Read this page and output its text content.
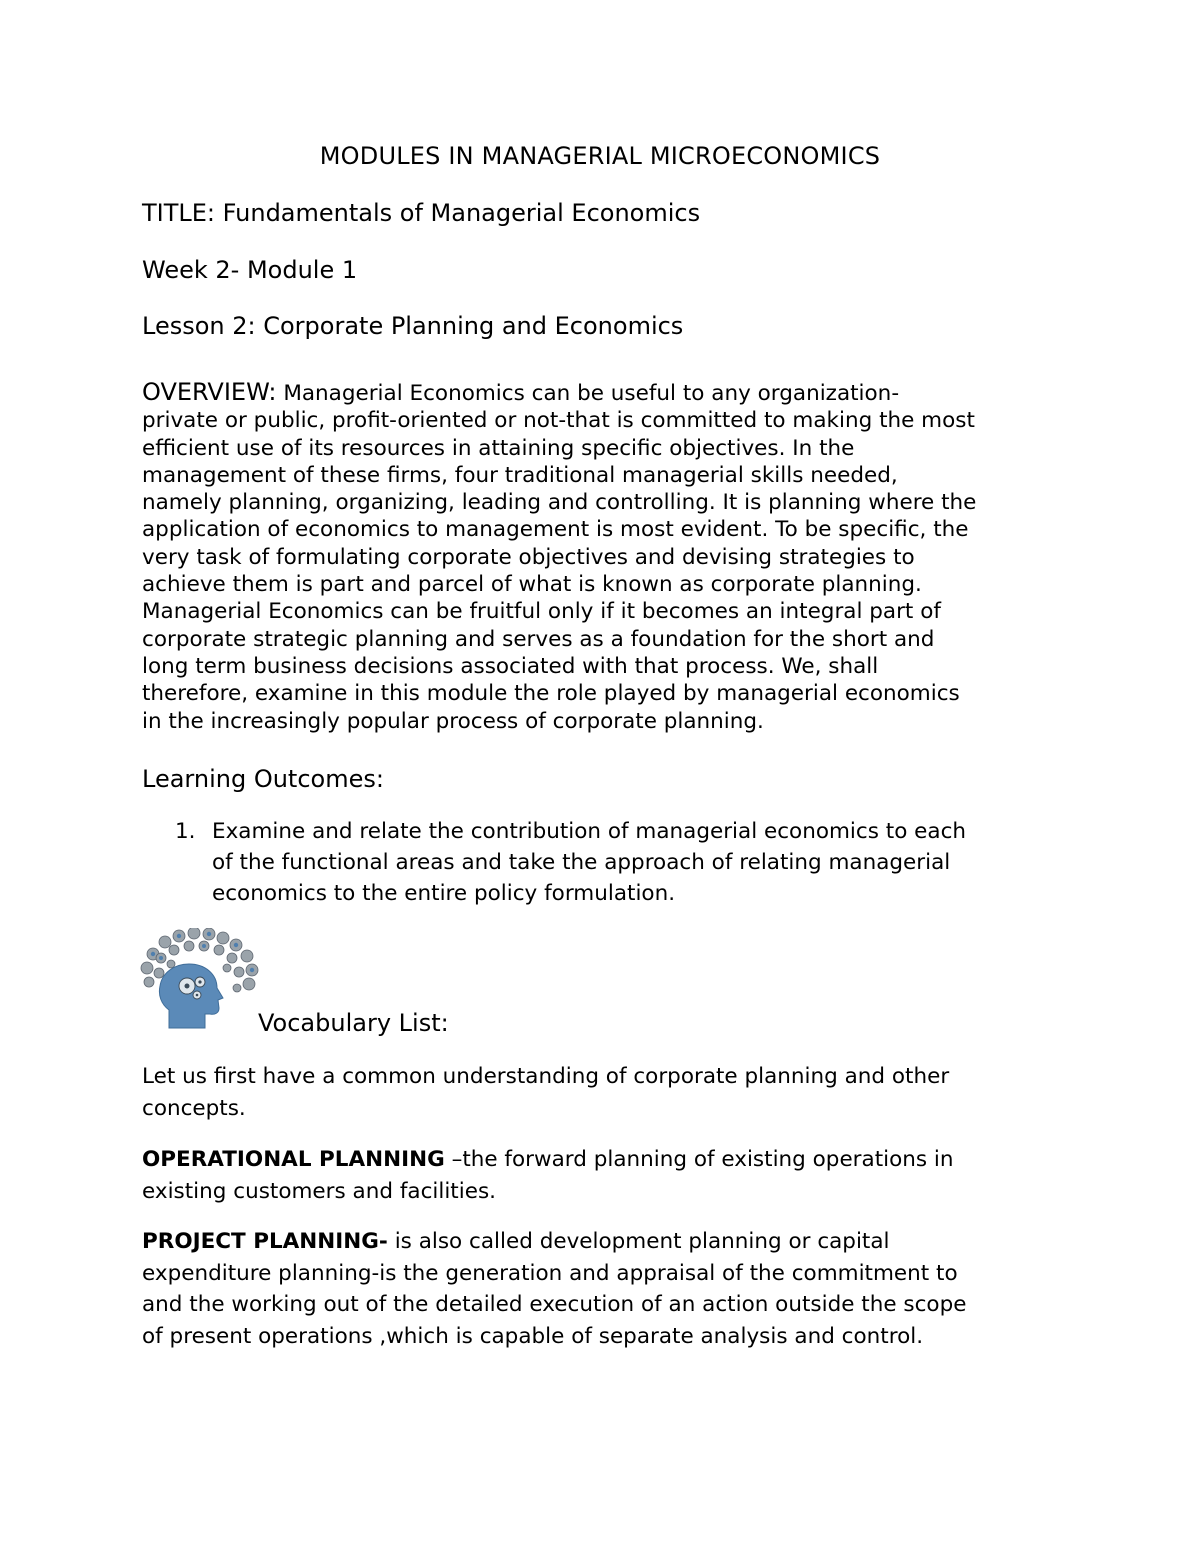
MODULES IN MANAGERIAL MICROECONOMICS
TITLE: Fundamentals of Managerial Economics
Week 2- Module 1
Lesson 2: Corporate Planning and Economics
OVERVIEW: Managerial Economics can be useful to any organization-
private or public, profit-oriented or not-that is committed to making the most
efficient use of its resources in attaining specific objectives. In the
management of these firms, four traditional managerial skills needed,
namely planning, organizing, leading and controlling. It is planning where the
application of economics to management is most evident. To be specific, the
very task of formulating corporate objectives and devising strategies to
achieve them is part and parcel of what is known as corporate planning.
Managerial Economics can be fruitful only if it becomes an integral part of
corporate strategic planning and serves as a foundation for the short and
long term business decisions associated with that process. We, shall
therefore, examine in this module the role played by managerial economics
in the increasingly popular process of corporate planning.
Learning Outcomes:
1. Examine and relate the contribution of managerial economics to each
of the functional areas and take the approach of relating managerial
economics to the entire policy formulation.
Vocabulary List:
Let us first have a common understanding of corporate planning and other
concepts.
OPERATIONAL PLANNING –the forward planning of existing operations in
existing customers and facilities.
PROJECT PLANNING- is also called development planning or capital
expenditure planning-is the generation and appraisal of the commitment to
and the working out of the detailed execution of an action outside the scope
of present operations ,which is capable of separate analysis and control.
